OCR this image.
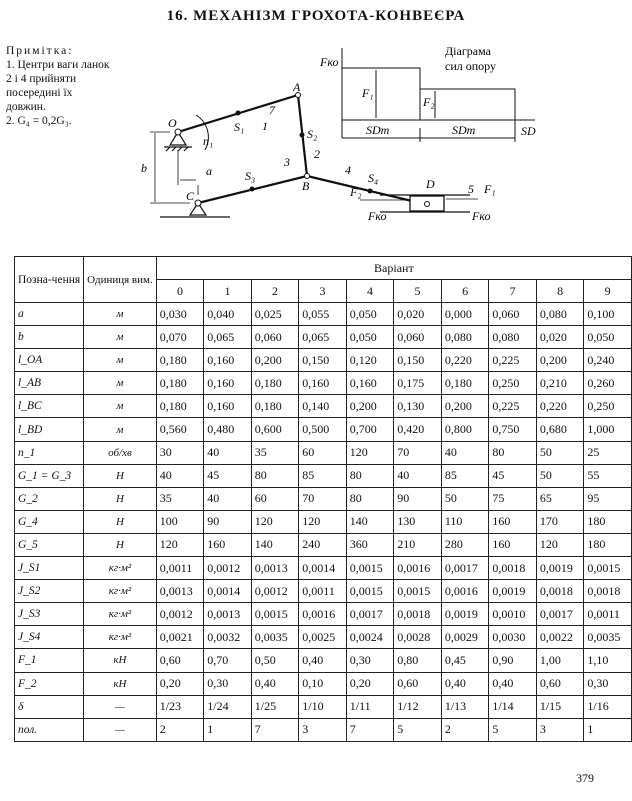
16. МЕХАНІЗМ ГРОХОТА-КОНВЕЄРА
Примітка:
1. Центри ваги ланок
2 і 4 прийняти
посередині їх
довжин.
2. G₄ = 0,2G₃.	O
A
B
C
D
S₁	S₂
S₃	S₄
n₁
a
b
1
2
3
4
5
7
F₁
F₂
Fко	Fко
Діаграма
сил опору
Fко
F₁
F₂
SDm	SDm	SD
Позна-чення	Одиниця вим.	Варіант									
		0	1	2	3	4	5	6	7	8	9
a	м	0,030	0,040	0,025	0,055	0,050	0,020	0,000	0,060	0,080	0,100
b	м	0,070	0,065	0,060	0,065	0,050	0,060	0,080	0,080	0,020	0,050
l_OA	м	0,180	0,160	0,200	0,150	0,120	0,150	0,220	0,225	0,200	0,240
l_AB	м	0,180	0,160	0,180	0,160	0,160	0,175	0,180	0,250	0,210	0,260
l_BC	м	0,180	0,160	0,180	0,140	0,200	0,130	0,200	0,225	0,220	0,250
l_BD	м	0,560	0,480	0,600	0,500	0,700	0,420	0,800	0,750	0,680	1,000
n_1	об/хв	30	40	35	60	120	70	40	80	50	25
G_1 = G_3	Н	40	45	80	85	80	40	85	45	50	55
G_2	Н	35	40	60	70	80	90	50	75	65	95
G_4	Н	100	90	120	120	140	130	110	160	170	180
G_5	Н	120	160	140	240	360	210	280	160	120	180
J_S1	кг·м²	0,0011	0,0012	0,0013	0,0014	0,0015	0,0016	0,0017	0,0018	0,0019	0,0015
J_S2	кг·м²	0,0013	0,0014	0,0012	0,0011	0,0015	0,0015	0,0016	0,0019	0,0018	0,0018
J_S3	кг·м²	0,0012	0,0013	0,0015	0,0016	0,0017	0,0018	0,0019	0,0010	0,0017	0,0011
J_S4	кг·м²	0,0021	0,0032	0,0035	0,0025	0,0024	0,0028	0,0029	0,0030	0,0022	0,0035
F_1	кН	0,60	0,70	0,50	0,40	0,30	0,80	0,45	0,90	1,00	1,10
F_2	кН	0,20	0,30	0,40	0,10	0,20	0,60	0,40	0,40	0,60	0,30
δ	—	1/23	1/24	1/25	1/10	1/11	1/12	1/13	1/14	1/15	1/16
пол.	—	2	1	7	3	7	5	2	5	3	1
379
